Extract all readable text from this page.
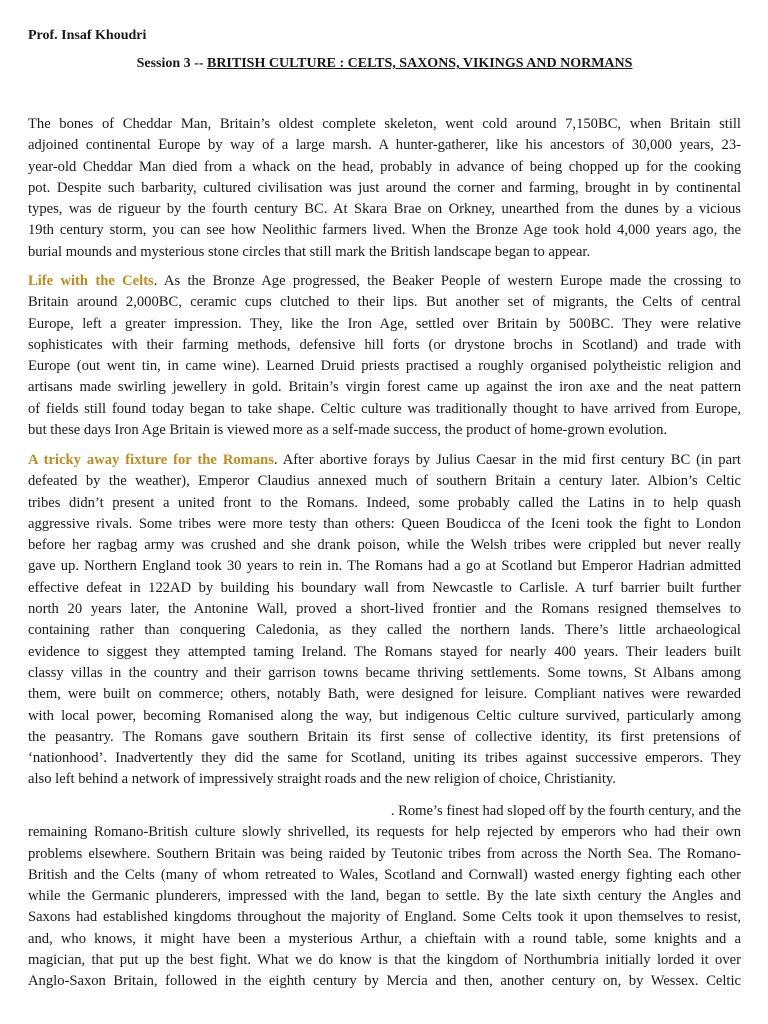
Prof. Insaf Khoudri
Session 3 -- BRITISH CULTURE : CELTS, SAXONS, VIKINGS AND NORMANS
The bones of Cheddar Man, Britain’s oldest complete skeleton, went cold around 7,150BC, when Britain still
adjoined continental Europe by way of a large marsh. A hunter-gatherer, like his ancestors of 30,000 years, 23-
year-old Cheddar Man died from a whack on the head, probably in advance of being chopped up for the cooking
pot. Despite such barbarity, cultured civilisation was just around the corner and farming, brought in by continental
types, was de rigueur by the fourth century BC. At Skara Brae on Orkney, unearthed from the dunes by a vicious
19th century storm, you can see how Neolithic farmers lived. When the Bronze Age took hold 4,000 years ago, the
burial mounds and mysterious stone circles that still mark the British landscape began to appear.
Life with the Celts. As the Bronze Age progressed, the Beaker People of western Europe made the crossing to
Britain around 2,000BC, ceramic cups clutched to their lips. But another set of migrants, the Celts of central
Europe, left a greater impression. They, like the Iron Age, settled over Britain by 500BC. They were relative
sophisticates with their farming methods, defensive hill forts (or drystone brochs in Scotland) and trade with
Europe (out went tin, in came wine). Learned Druid priests practised a roughly organised polytheistic religion and
artisans made swirling jewellery in gold. Britain’s virgin forest came up against the iron axe and the neat pattern
of fields still found today began to take shape. Celtic culture was traditionally thought to have arrived from Europe,
but these days Iron Age Britain is viewed more as a self-made success, the product of home-grown evolution.
A tricky away fixture for the Romans. After abortive forays by Julius Caesar in the mid first century BC (in part
defeated by the weather), Emperor Claudius annexed much of southern Britain a century later. Albion’s Celtic
tribes didn’t present a united front to the Romans. Indeed, some probably called the Latins in to help quash
aggressive rivals. Some tribes were more testy than others: Queen Boudicca of the Iceni took the fight to London
before her ragbag army was crushed and she drank poison, while the Welsh tribes were crippled but never really
gave up. Northern England took 30 years to rein in. The Romans had a go at Scotland but Emperor Hadrian admitted
effective defeat in 122AD by building his boundary wall from Newcastle to Carlisle. A turf barrier built further
north 20 years later, the Antonine Wall, proved a short-lived frontier and the Romans resigned themselves to
containing rather than conquering Caledonia, as they called the northern lands. There’s little archaeological
evidence to siggest they attempted taming Ireland. The Romans stayed for nearly 400 years. Their leaders built
classy villas in the country and their garrison towns became thriving settlements. Some towns, St Albans among
them, were built on commerce; others, notably Bath, were designed for leisure. Compliant natives were rewarded
with local power, becoming Romanised along the way, but indigenous Celtic culture survived, particularly among
the peasantry. The Romans gave southern Britain its first sense of collective identity, its first pretensions of
‘nationhood’. Inadvertently they did the same for Scotland, uniting its tribes against successive emperors. They
also left behind a network of impressively straight roads and the new religion of choice, Christianity.
. Rome’s finest had sloped off by the fourth century, and the
remaining Romano-British culture slowly shrivelled, its requests for help rejected by emperors who had their own
problems elsewhere. Southern Britain was being raided by Teutonic tribes from across the North Sea. The Romano-
British and the Celts (many of whom retreated to Wales, Scotland and Cornwall) wasted energy fighting each other
while the Germanic plunderers, impressed with the land, began to settle. By the late sixth century the Angles and
Saxons had established kingdoms throughout the majority of England. Some Celts took it upon themselves to resist,
and, who knows, it might have been a mysterious Arthur, a chieftain with a round table, some knights and a
magician, that put up the best fight. What we do know is that the kingdom of Northumbria initially lorded it over
Anglo-Saxon Britain, followed in the eighth century by Mercia and then, another century on, by Wessex. Celtic
